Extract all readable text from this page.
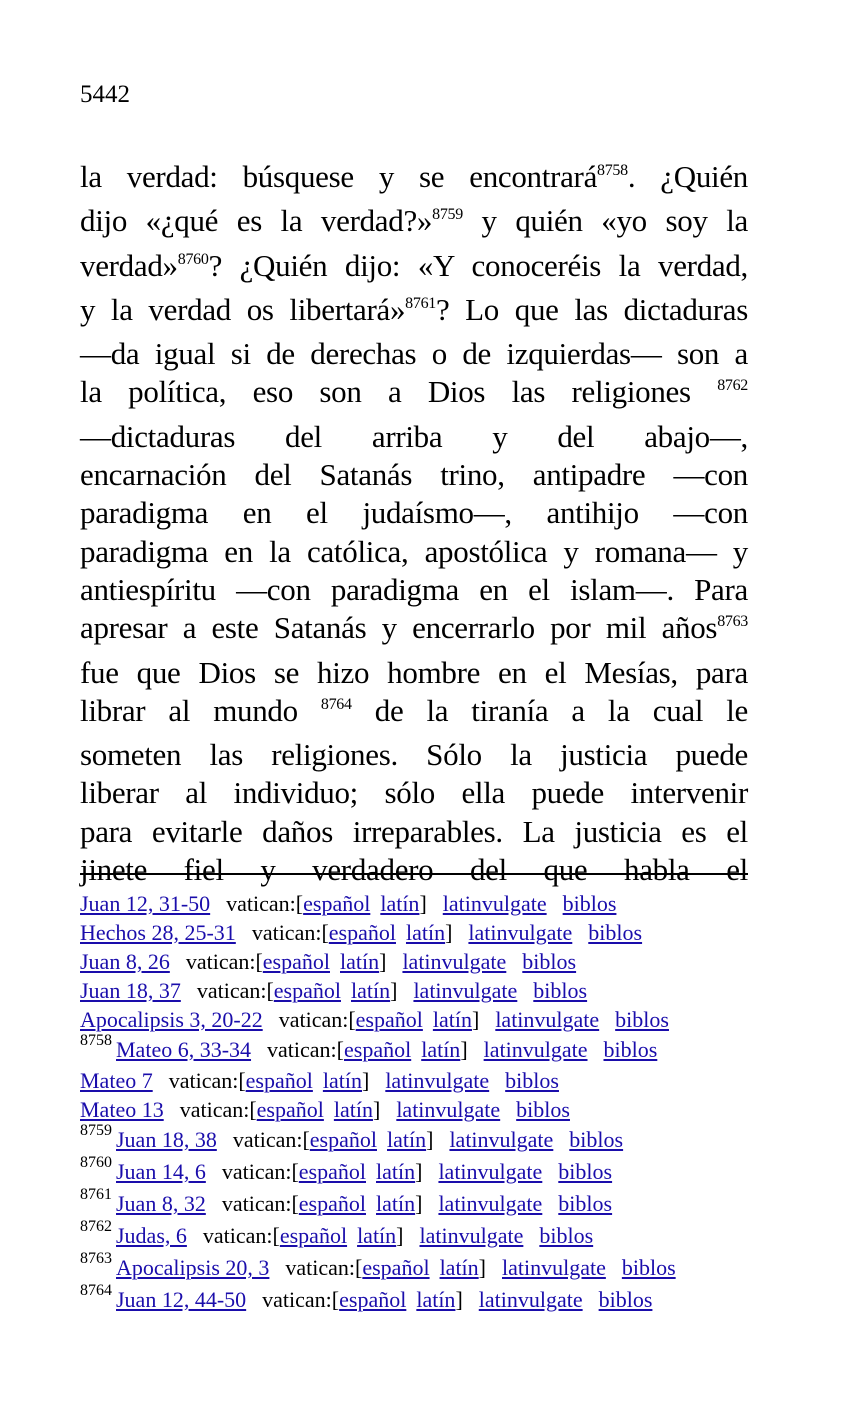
5442
la verdad: búsquese y se encontrará$^{8758}$. ¿Quién
dijo «¿qué es la verdad?»$^{8759}$ y quién «yo soy la
verdad»$^{8760}$? ¿Quién dijo: «Y conoceréis la verdad,
y la verdad os libertará»$^{8761}$? Lo que las dictaduras
—da igual si de derechas o de izquierdas— son a
la política, eso son a Dios las religiones $^{8762}$
—dictaduras del arriba y del abajo—,
encarnación del Satanás trino, antipadre —con
paradigma en el judaísmo—, antihijo —con
paradigma en la católica, apostólica y romana— y
antiespíritu —con paradigma en el islam—. Para
apresar a este Satanás y encerrarlo por mil años$^{8763}$
fue que Dios se hizo hombre en el Mesías, para
librar al mundo $^{8764}$ de la tiranía a la cual le
someten las religiones. Sólo la justicia puede
liberar al individuo; sólo ella puede intervenir
para evitarle daños irreparables. La justicia es el
jinete fiel y verdadero del que habla el
Juan 12, 31-50 vatican:[español latín] latinvulgate biblos
Hechos 28, 25-31 vatican:[español latín] latinvulgate biblos
Juan 8, 26 vatican:[español latín] latinvulgate biblos
Juan 18, 37 vatican:[español latín] latinvulgate biblos
Apocalipsis 3, 20-22 vatican:[español latín] latinvulgate biblos
$^{8758}$ Mateo 6, 33-34 vatican:[español latín] latinvulgate biblos
Mateo 7 vatican:[español latín] latinvulgate biblos
Mateo 13 vatican:[español latín] latinvulgate biblos
$^{8759}$ Juan 18, 38 vatican:[español latín] latinvulgate biblos
$^{8760}$ Juan 14, 6 vatican:[español latín] latinvulgate biblos
$^{8761}$ Juan 8, 32 vatican:[español latín] latinvulgate biblos
$^{8762}$ Judas, 6 vatican:[español latín] latinvulgate biblos
$^{8763}$ Apocalipsis 20, 3 vatican:[español latín] latinvulgate biblos
$^{8764}$ Juan 12, 44-50 vatican:[español latín] latinvulgate biblos
